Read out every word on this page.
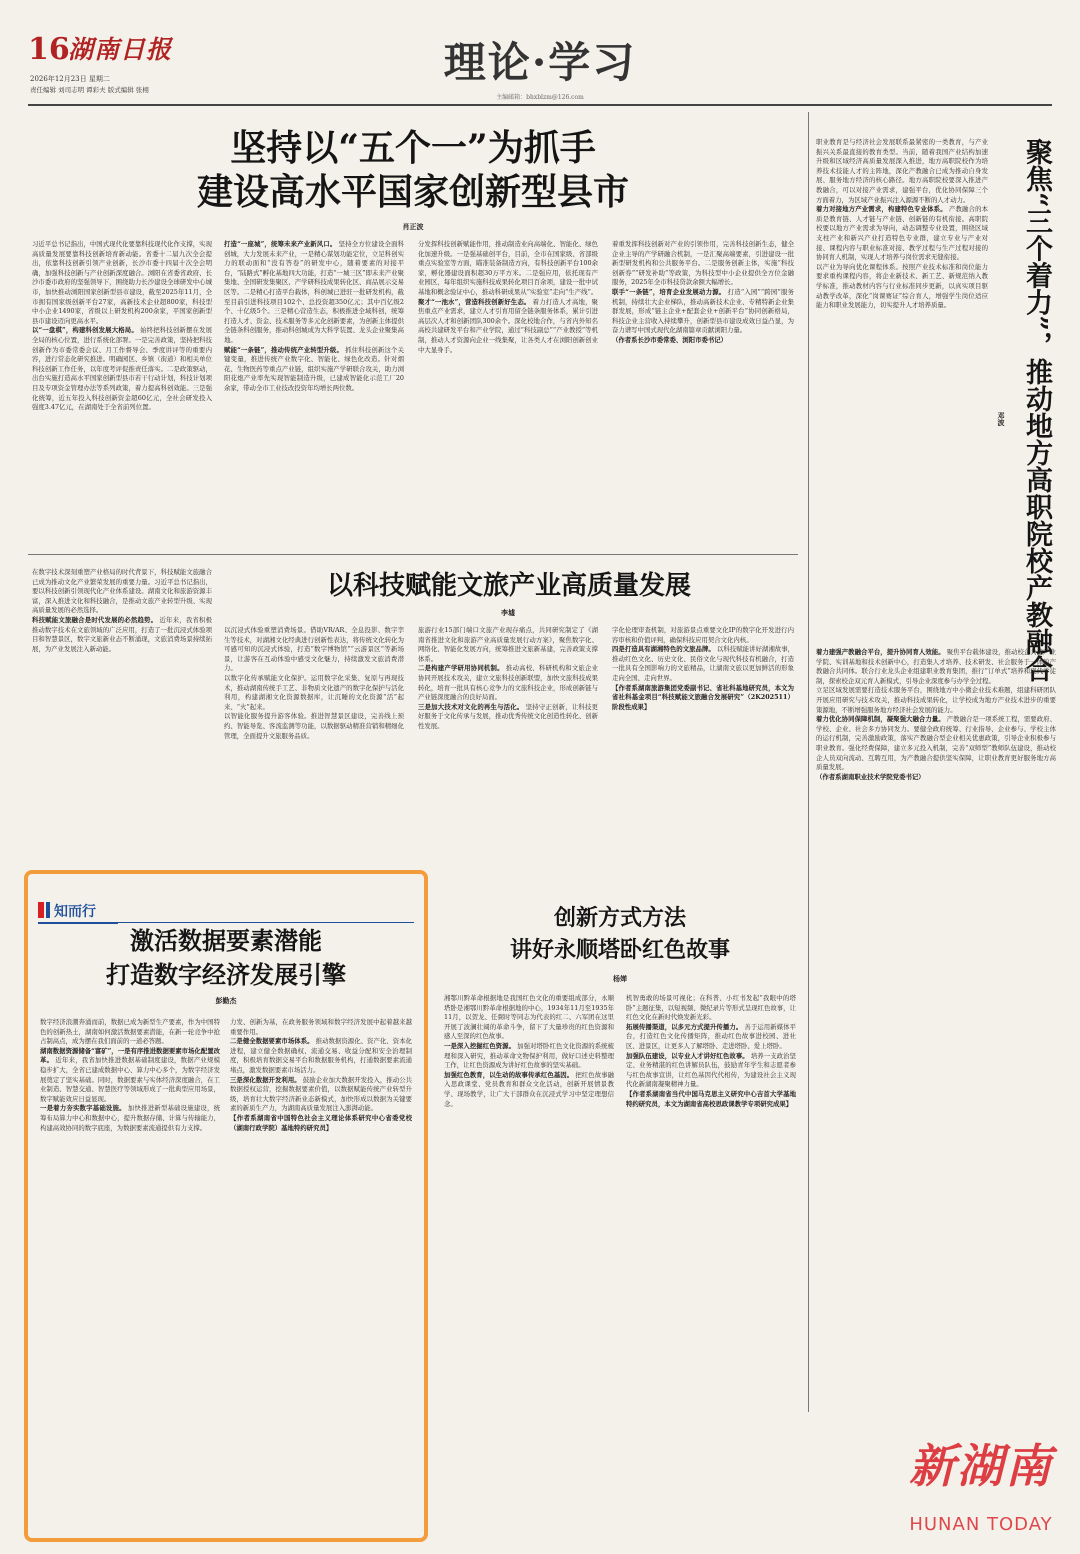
16
湖南日报
2026年12月23日 星期二
责任编辑 刘司志明 谭彩夫 版式编辑 张栩
理论·学习
主编邮箱：bhxblzm@126.com
坚持以“五个一”为抓手
建设高水平国家创新型县市
肖正波
习近平总书记指出，中国式现代化要靠科技现代化作支撑，实现高质量发展要靠科技创新培育新动能。省委十二届九次全会提出，依靠科技创新引领产业创新，长沙市委十四届十次全会明确，加强科技创新与产业创新深度融合。浏阳在省委省政府、长沙市委市政府的坚强领导下，围绕助力长沙建设全球研发中心城市，加快推动浏阳国家创新型县市建设，截至2025年11月，全市拥有国家级创新平台27家，高新技术企业超800家，科技型中小企业1490家，省级以上研发机构200余家，平国家创新型县市建设迈向更高水平。
以“一盘棋”，构建科创发展大格局。 始终把科技创新摆在发展全局的核心位置，进行系统化部署。一是完善政策，坚持把科技创新作为市委常委会议、月工作督导会、季度讲评等的重要内容，进行常态化研究推进。明确园区、乡镇（街道）和相关单位科技创新工作任务，以年度考评促推责任落实。二是政策驱动，出台实施打造高水平国家创新型县市若干行动计划，科技计划项目及专项资金管理办法等系列政策，着力提高科创效能。三是强化统筹，近五年投入科技创新资金超60亿元，全社会研发投入强度3.47亿元，在湖南处于全省前列位置。
打造“一座城”，统筹未来产业新风口。 坚持全方位建设全面科创城，大力发展未来产业，一是精心谋划功能定位，立足科创实力的联动面和“没有答卷”的研发中心，随着要素的对接平台，“陆路式”孵化基地四大功能，打造“一城三区”即未来产业聚集地、全国研发集聚区、产学研科技成果转化区、商品展示交易区等。二是精心打造平台载体，科创城已进驻一批研发机构，截至目前引进科技项目102个、总投资超350亿元；其中百亿级2个、十亿级5个。三是精心营造生态，积极推进全域科创，统筹打造人才、资金、技术服务等多元化创新要素，为创新主体提供全链条科创服务，推动科创城成为大科学装置、龙头企业聚集高地。
赋能“一条链”，推动传统产业转型升级。 抓住科技创新这个关键变量，推进传统产业数字化、智能化、绿色化改造。针对烟花、生物医药等重点产业链，组织实施产学研联合攻关，助力浏阳花炮产业率先实现智能制造升级，已建成智能化示范工厂20余家，带动全市工业技改投资年均增长两位数。
分发挥科技创新赋能作用，推动制造业向高端化、智能化、绿色化加速升级。一是强基础创平台，目前，全市在国家级、省部级重点实验室等方面，瞄准装备制造方向，有科技创新平台100余家，孵化器建设面积超30万平方米。二是强应用，依托现有产业园区，每年组织实施科技成果转化项目百余项，建设一批中试基地和概念验证中心，推动科研成果从“实验室”走向“生产线”。
聚才“一池水”，营造科技创新好生态。 着力打造人才高地，聚焦重点产业需求，建立人才引育用留全链条服务体系，累计引进高层次人才和创新团队300余个。深化校地合作，与省内外知名高校共建研发平台和产业学院，通过“科技副总”“产业教授”等机制，推动人才资源向企业一线集聚，让各类人才在浏阳创新创业中大显身手。
着重发挥科技创新对产业的引领作用，完善科技创新生态，健全企业主导的产学研融合机制，一是汇聚高端要素，引进建设一批新型研发机构和公共服务平台。二是服务创新主体，实施“科技创新券”“研发补助”等政策，为科技型中小企业提供全方位金融服务，2025年全市科技贷款余额大幅增长。
联手“一条链”，培育企业发展动力源。 打造“入园”“跨园”服务机制，持续壮大企业梯队，推动高新技术企业、专精特新企业集群发展，形成“链主企业+配套企业+创新平台”协同创新格局，科技企业主营收入持续攀升，创新型县市建设成效日益凸显，为奋力谱写中国式现代化湖南篇章贡献浏阳力量。
（作者系长沙市委常委、浏阳市委书记）
职业教育是与经济社会发展联系最紧密的一类教育，与产业振兴关系最直接的教育类型。当前，随着我国产业结构加速升级和区域经济高质量发展深入推进，地方高职院校作为培养技术技能人才的主阵地，深化产教融合已成为推动自身发展、服务地方经济的核心路径。地方高职院校要深入推进产教融合，可以对接产业需求，建强平台，优化协同保障三个方面着力，为区域产业振兴注入源源不断的人才动力。
着力对接地方产业需求，构建特色专业体系。 产教融合的本质是教育链、人才链与产业链、创新链的有机衔接。高职院校要以地方产业需求为导向，动态调整专业设置，围绕区域支柱产业和新兴产业打造特色专业群，建立专业与产业对接、课程内容与职业标准对接、教学过程与生产过程对接的协同育人机制，实现人才培养与岗位需求无缝衔接。
以产业为导向优化课程体系。按照产业技术标准和岗位能力要求重构课程内容，将企业新技术、新工艺、新规范纳入教学标准，推动教材内容与行业标准同步更新，以真实项目驱动教学改革，深化“岗课赛证”综合育人，增强学生岗位适应能力和职业发展能力，切实提升人才培养质量。
邓波 聚焦“三个着力”，推动地方高职院校产教融合
着力建强产教融合平台，提升协同育人效能。 聚焦平台载体建设，推动校企共建产业学院、实训基地和技术创新中心，打造集人才培养、技术研发、社会服务于一体的产教融合共同体。联合行业龙头企业组建职业教育集团，推行“订单式”培养和现代学徒制，探索校企双元育人新模式，引导企业深度参与办学全过程。
立足区域发展需要打造技术服务平台，围绕地方中小微企业技术难题，组建科研团队开展应用研究与技术攻关，推动科技成果转化，让学校成为地方产业技术进步的重要策源地，不断增强服务地方经济社会发展的能力。
着力优化协同保障机制，凝聚强大融合力量。 产教融合是一项系统工程，需要政府、学校、企业、社会多方协同发力。要健全政府统筹、行业指导、企业参与、学校主体的运行机制，完善激励政策，落实产教融合型企业相关优惠政策，引导企业积极参与职业教育。强化经费保障，建立多元投入机制，完善“双师型”教师队伍建设，推动校企人员双向流动、互聘互用，为产教融合提供坚实保障，让职业教育更好服务地方高质量发展。
（作者系湖南职业技术学院党委书记）
在数字技术深刻重塑产业格局的时代背景下，科技赋能文旅融合已成为推动文化产业繁荣发展的重要力量。习近平总书记指出，要以科技创新引领现代化产业体系建设。湖南文化和旅游资源丰富，深入推进文化和科技融合，是推动文旅产业转型升级、实现高质量发展的必然选择。
科技赋能文旅融合是时代发展的必然趋势。 近年来，我省积极推动数字技术在文旅领域的广泛应用，打造了一批沉浸式体验项目和智慧景区，数字文旅新业态不断涌现，文旅消费场景持续拓展，为产业发展注入新动能。
以科技赋能文旅产业高质量发展
李墟
以沉浸式体验重塑消费场景。借助VR/AR、全息投影、数字孪生等技术，对湖湘文化经典进行创新性表达，将传统文化转化为可感可知的沉浸式体验，打造“数字博物馆”“云游景区”等新场景，让游客在互动体验中感受文化魅力，持续激发文旅消费潜力。
以数字化传承赋能文化保护。运用数字化采集、复原与再现技术，推动湖南传统手工艺、非物质文化遗产的数字化保护与活化利用，构建湖湘文化资源数据库，让沉睡的文化资源“活”起来、“火”起来。
以智能化服务提升游客体验。推进智慧景区建设，完善线上预约、智能导览、客流监测等功能，以数据驱动精准营销和精细化管理，全面提升文旅服务品质。
旅游行业15部门端口文旅产业现存痛点，共同研究制定了《湖南省推进文化和旅游产业高质量发展行动方案》，聚焦数字化、网络化、智能化发展方向，统筹推进文旅新基建，完善政策支撑体系。
二是构建产学研用协同机制。 推动高校、科研机构和文旅企业协同开展技术攻关，建立文旅科技创新联盟，加快文旅科技成果转化，培育一批具有核心竞争力的文旅科技企业，形成创新链与产业链深度融合的良好局面。
三是加大技术对文化的再生与活化。 坚持守正创新，让科技更好服务于文化传承与发展，推动优秀传统文化创造性转化、创新性发展。
字化伦理审查机制，对旅游景点重要文化IP的数字化开发进行内容审核和价值评判，确保科技应用契合文化内核。
四是打造具有湖湘特色的文旅品牌。 以科技赋能讲好湖湘故事，推动红色文化、历史文化、民俗文化与现代科技有机融合，打造一批具有全国影响力的文旅精品，让湖南文旅以更加鲜活的形象走向全国、走向世界。
【作者系湖南旅游集团党委副书记、省社科基地研究员，本文为省社科基金项目“科技赋能文旅融合发展研究”（2K202511）阶段性成果】
知而行
激活数据要素潜能
打造数字经济发展引擎
彭勤杰
数字经济浪潮奔涌而前，数据已成为新型生产要素，作为中国特色的创新热土，湖南如何激活数据要素潜能，在新一轮竞争中抢占制高点，成为摆在我们面前的一道必答题。
湖南数据资源储备“富矿”，一是有序推进数据要素市场化配置改革。 近年来，我省加快推进数据基础制度建设，数据产业规模稳步扩大，全省已建成数据中心、算力中心多个，为数字经济发展奠定了坚实基础。同时，数据要素与实体经济深度融合，在工业制造、智慧交通、智慧医疗等领域形成了一批典型应用场景，数字赋能效应日益显现。
一是着力夯实数字基础设施。 加快推进新型基础设施建设，统筹布局算力中心和数据中心，提升数据存储、计算与传输能力，构建高效协同的数字底座，为数据要素流通提供有力支撑。
力发、创新为基，在政务服务领域和数字经济发展中起着越来越重要作用。
二是健全数据要素市场体系。 推动数据资源化、资产化、资本化进程，建立健全数据确权、流通交易、收益分配和安全治理制度，积极培育数据交易平台和数据服务机构，打通数据要素流通堵点，激发数据要素市场活力。
三是深化数据开发利用。 鼓励企业加大数据开发投入，推动公共数据授权运营，挖掘数据要素价值，以数据赋能传统产业转型升级，培育壮大数字经济新业态新模式，加快形成以数据为关键要素的新质生产力，为湖南高质量发展注入澎湃动能。
【作者系湖南省中国特色社会主义理论体系研究中心省委党校（湖南行政学院）基地特约研究员】
创新方式方法
讲好永顺塔卧红色故事
杨婵
湘鄂川黔革命根据地是我国红色文化的重要组成部分，永顺塔卧是湘鄂川黔革命根据地的中心，1934年11月至1935年11月，以贺龙、任弼时等同志为代表的红二、六军团在这里开展了波澜壮阔的革命斗争，留下了大量珍贵的红色资源和感人至深的红色故事。
一是深入挖掘红色资源。 加强对塔卧红色文化资源的系统梳理和深入研究，推动革命文物保护利用，做好口述史料整理工作，让红色资源成为讲好红色故事的坚实基础。
加强红色教育，以生动的故事传承红色基因。 把红色故事融入思政课堂、党员教育和群众文化活动，创新开展情景教学、现场教学，让广大干部群众在沉浸式学习中坚定理想信念。
机智勇敢的场景可视化；在科普、小红书发起“我眼中的塔卧”主题征集，以短视频、微纪录片等形式呈现红色故事，让红色文化在新时代焕发新光彩。
拓展传播渠道，以多元方式提升传播力。 善于运用新媒体平台，打造红色文化传播矩阵，推动红色故事进校园、进社区、进景区，让更多人了解塔卧、走进塔卧、爱上塔卧。
加强队伍建设，以专业人才讲好红色故事。 培养一支政治坚定、业务精湛的红色讲解员队伍，鼓励青年学生和志愿者参与红色故事宣讲，让红色基因代代相传，为建设社会主义现代化新湖南凝聚精神力量。
【作者系湖南省当代中国马克思主义研究中心吉首大学基地特约研究员，本文为湖南省高校思政课教学专项研究成果】
新湖南
HUNAN TODAY
